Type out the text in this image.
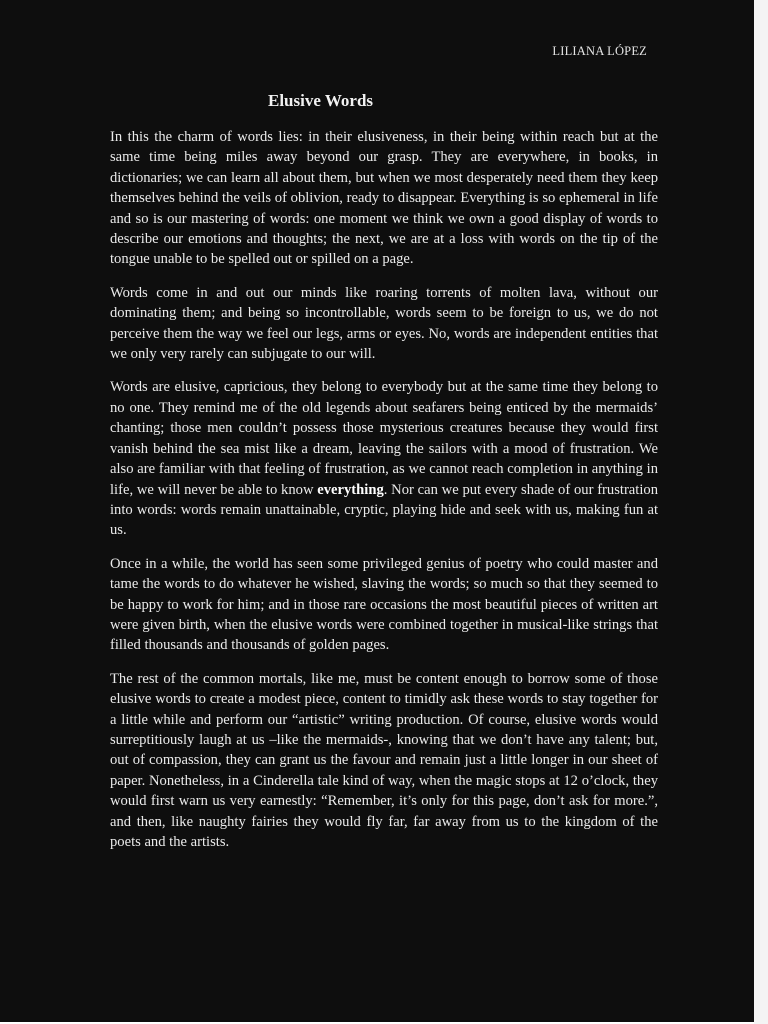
LILIANA LÓPEZ
Elusive Words

In this the charm of words lies: in their elusiveness, in their being within reach but at the same time being miles away beyond our grasp. They are everywhere, in books, in dictionaries; we can learn all about them, but when we most desperately need them they keep themselves behind the veils of oblivion, ready to disappear. Everything is so ephemeral in life and so is our mastering of words: one moment we think we own a good display of words to describe our emotions and thoughts; the next, we are at a loss with words on the tip of the tongue unable to be spelled out or spilled on a page.

Words come in and out our minds like roaring torrents of molten lava, without our dominating them; and being so incontrollable, words seem to be foreign to us, we do not perceive them the way we feel our legs, arms or eyes. No, words are independent entities that we only very rarely can subjugate to our will.

Words are elusive, capricious, they belong to everybody but at the same time they belong to no one. They remind me of the old legends about seafarers being enticed by the mermaids’ chanting; those men couldn’t possess those mysterious creatures because they would first vanish behind the sea mist like a dream, leaving the sailors with a mood of frustration. We also are familiar with that feeling of frustration, as we cannot reach completion in anything in life, we will never be able to know everything. Nor can we put every shade of our frustration into words: words remain unattainable, cryptic, playing hide and seek with us, making fun at us.

Once in a while, the world has seen some privileged genius of poetry who could master and tame the words to do whatever he wished, slaving the words; so much so that they seemed to be happy to work for him; and in those rare occasions the most beautiful pieces of written art were given birth, when the elusive words were combined together in musical-like strings that filled thousands and thousands of golden pages.

The rest of the common mortals, like me, must be content enough to borrow some of those elusive words to create a modest piece, content to timidly ask these words to stay together for a little while and perform our “artistic” writing production. Of course, elusive words would surreptitiously laugh at us –like the mermaids-, knowing that we don’t have any talent; but, out of compassion, they can grant us the favour and remain just a little longer in our sheet of paper. Nonetheless, in a Cinderella tale kind of way, when the magic stops at 12 o’clock, they would first warn us very earnestly: “Remember, it’s only for this page, don’t ask for more.”, and then, like naughty fairies they would fly far, far away from us to the kingdom of the poets and the artists.
